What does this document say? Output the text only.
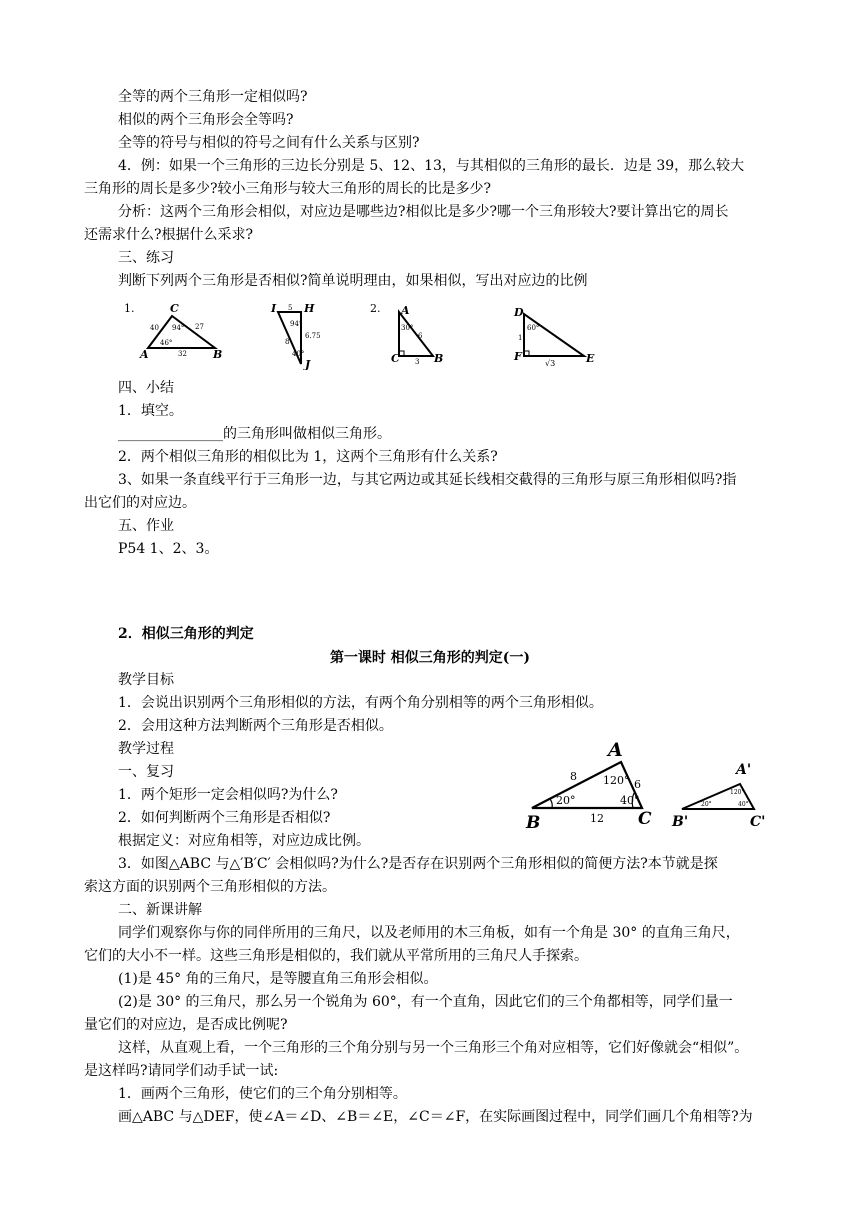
全等的两个三角形一定相似吗?
相似的两个三角形会全等吗?
全等的符号与相似的符号之间有什么关系与区别?
4．例：如果一个三角形的三边长分别是 5、12、13，与其相似的三角形的最长．边是 39，那么较大
三角形的周长是多少?较小三角形与较大三角形的周长的比是多少?
分析：这两个三角形会相似，对应边是哪些边?相似比是多少?哪一个三角形较大?要计算出它的周长
还需求什么?根据什么采求?
三、练习
判断下列两个三角形是否相似?简单说明理由，如果相似，写出对应边的比例
1.	C
A	B
94°
46°
40	27
32
I	H
J
5
94°
6.75
8
40°
2. A
C	B
30°
6
3
D
F	E
60°
1
√3
四、小结
1．填空。
_______________的三角形叫做相似三角形。
2．两个相似三角形的相似比为 1，这两个三角形有什么关系?
3、如果一条直线平行于三角形一边，与其它两边或其延长线相交截得的三角形与原三角形相似吗?指
出它们的对应边。
五、作业
P54 1、2、3。
2．相似三角形的判定
第一课时 相似三角形的判定(一)
教学目标
1．会说出识别两个三角形相似的方法，有两个角分别相等的两个三角形相似。
2．会用这种方法判断两个三角形是否相似。
教学过程
一、复习
1．两个矩形一定会相似吗?为什么?
2．如何判断两个三角形是否相似?
根据定义：对应角相等，对应边成比例。
A
B	C
8
6
12
120°
20°	40°
A'
B'	C'
120°
20°	40°
3．如图△ABC 与△′B′C′ 会相似吗?为什么?是否存在识别两个三角形相似的简便方法?本节就是探
索这方面的识别两个三角形相似的方法。
二、新课讲解
同学们观察你与你的同伴所用的三角尺，以及老师用的木三角板，如有一个角是 30° 的直角三角尺，
它们的大小不一样。这些三角形是相似的，我们就从平常所用的三角尺人手探索。
(1)是 45° 角的三角尺，是等腰直角三角形会相似。
(2)是 30° 的三角尺，那么另一个锐角为 60°，有一个直角，因此它们的三个角都相等，同学们量一
量它们的对应边，是否成比例呢?
这样，从直观上看，一个三角形的三个角分别与另一个三角形三个角对应相等，它们好像就会“相似”。
是这样吗?请同学们动手试一试:
1．画两个三角形，使它们的三个角分别相等。
画△ABC 与△DEF，使∠A＝∠D、∠B＝∠E，∠C＝∠F，在实际画图过程中，同学们画几个角相等?为
